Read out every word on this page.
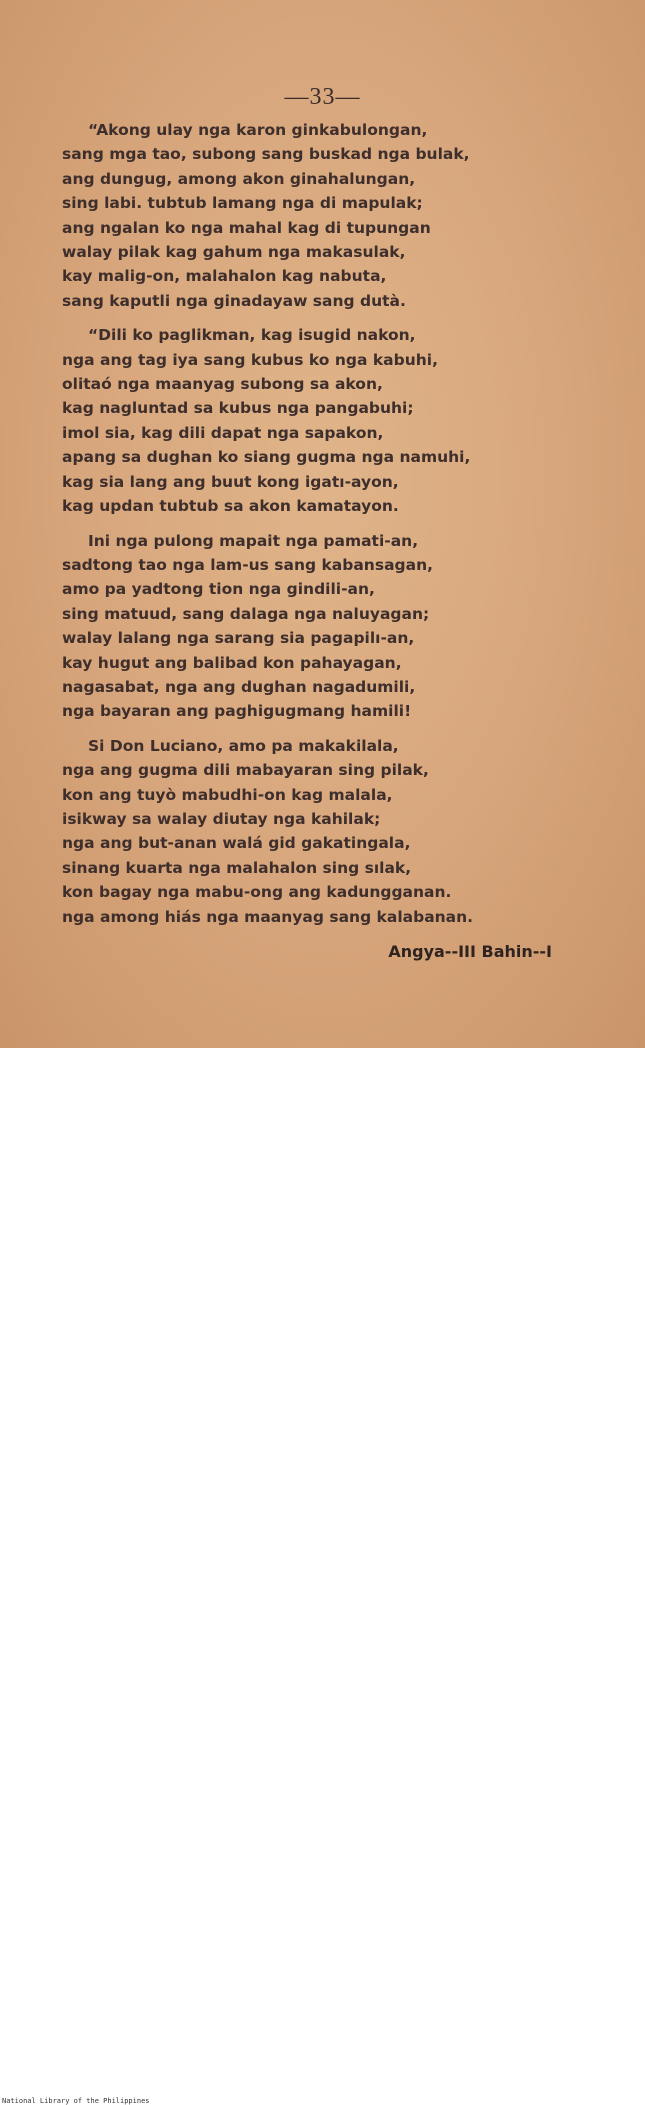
—33—
“Akong ulay nga karon ginkabulongan,
sang mga tao, subong sang buskad nga bulak,
ang dungug, among akon ginahalungan,
sing labi. tubtub lamang nga di mapulak;
ang ngalan ko nga mahal kag di tupungan
walay pilak kag gahum nga makasulak,
kay malig-on, malahalon kag nabuta,
sang kaputli nga ginadayaw sang dutà.
“Dili ko paglikman, kag isugid nakon,
nga ang tag iya sang kubus ko nga kabuhi,
olitaó nga maanyag subong sa akon,
kag nagluntad sa kubus nga pangabuhi;
imol sia, kag dili dapat nga sapakon,
apang sa dughan ko siang gugma nga namuhi,
kag sia lang ang buut kong igatı-ayon,
kag updan tubtub sa akon kamatayon.
Ini nga pulong mapait nga pamati-an,
sadtong tao nga lam-us sang kabansagan,
amo pa yadtong tion nga gindili-an,
sing matuud, sang dalaga nga naluyagan;
walay lalang nga sarang sia pagapilı-an,
kay hugut ang balibad kon pahayagan,
nagasabat, nga ang dughan nagadumili,
nga bayaran ang paghigugmang hamili!
Si Don Luciano, amo pa makakilala,
nga ang gugma dili mabayaran sing pilak,
kon ang tuyò mabudhi-on kag malala,
isikway sa walay diutay nga kahilak;
nga ang but-anan walá gid gakatingala,
sinang kuarta nga malahalon sing sılak,
kon bagay nga mabu-ong ang kadungganan.
nga among hiás nga maanyag sang kalabanan.
Angya--III Bahin--I
National Library of the Philippines
